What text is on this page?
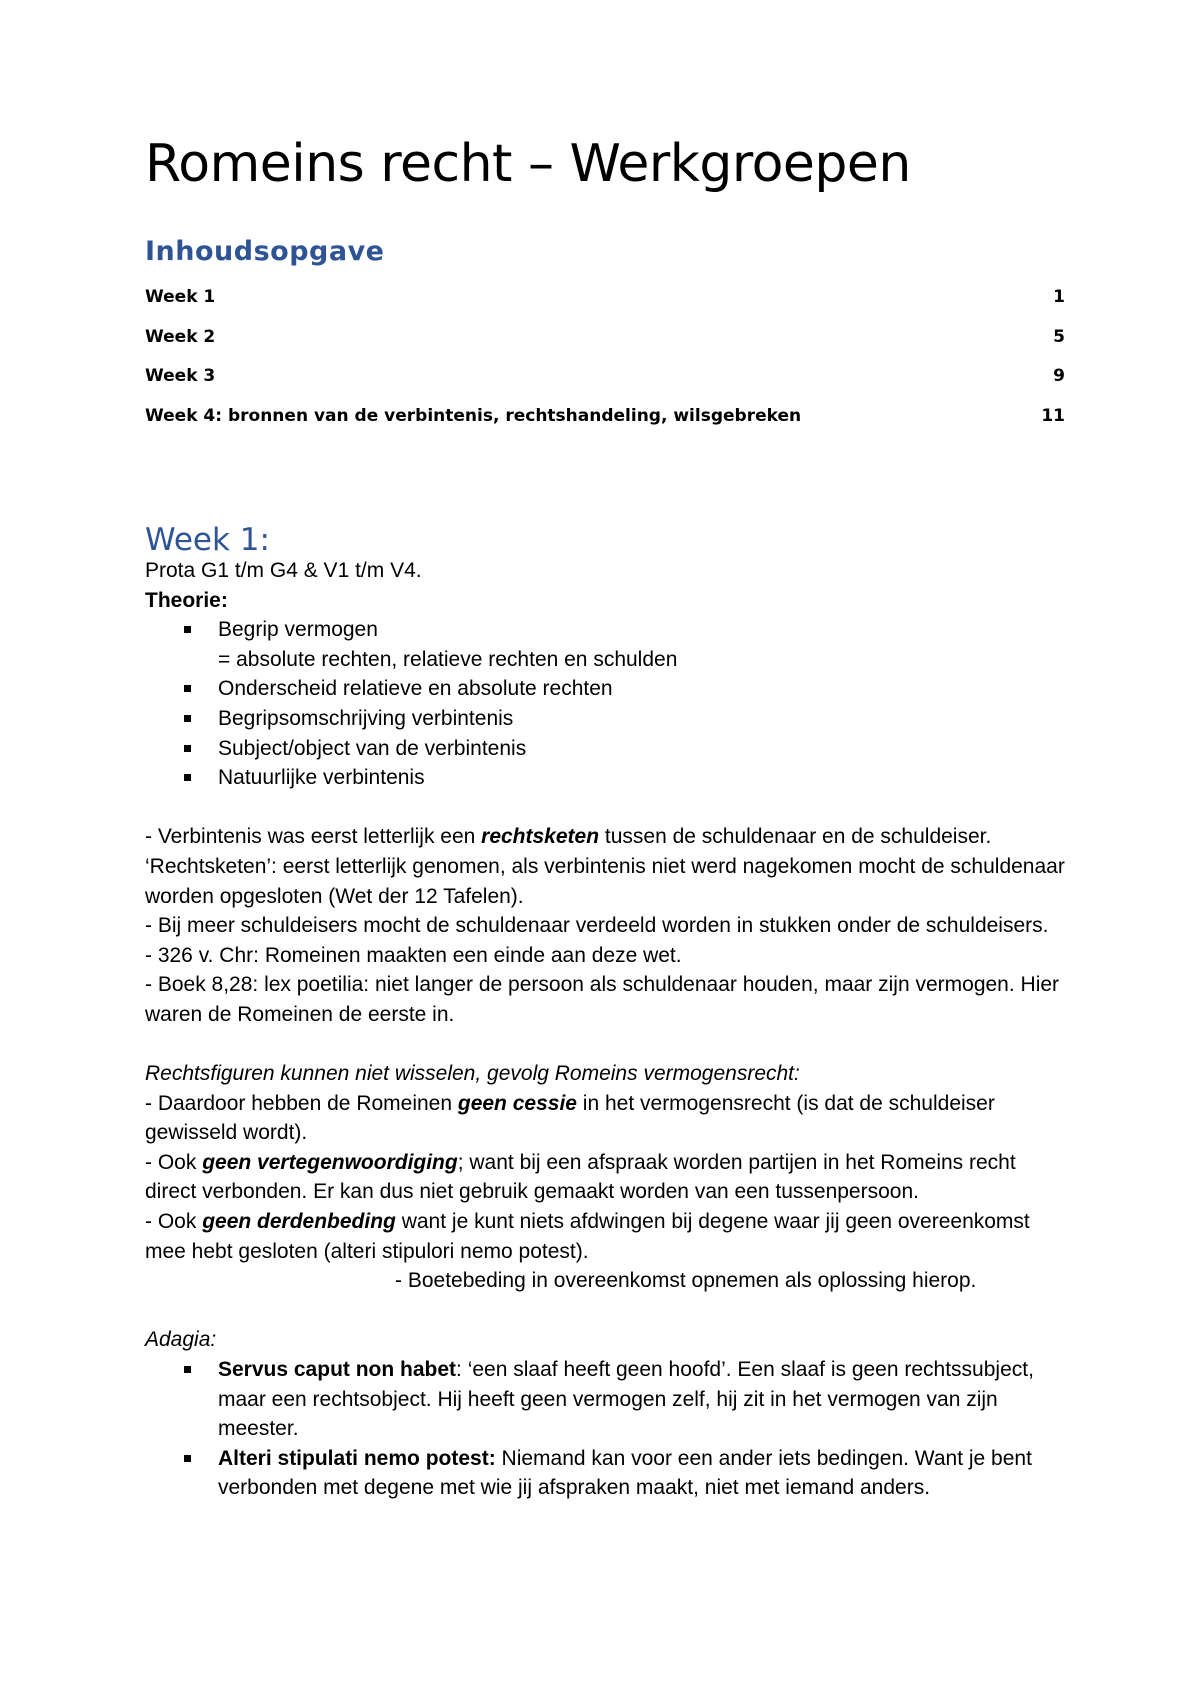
Romeins recht – Werkgroepen
Inhoudsopgave
Week 1	1
Week 2	5
Week 3	9
Week 4: bronnen van de verbintenis, rechtshandeling, wilsgebreken	11
Week 1:

Prota G1 t/m G4 & V1 t/m V4.

Theorie:

Begrip vermogen
= absolute rechten, relatieve rechten en schulden
Onderscheid relatieve en absolute rechten
Begripsomschrijving verbintenis
Subject/object van de verbintenis
Natuurlijke verbintenis

- Verbintenis was eerst letterlijk een rechtsketen tussen de schuldenaar en de schuldeiser.

‘Rechtsketen’: eerst letterlijk genomen, als verbintenis niet werd nagekomen mocht de schuldenaar worden opgesloten (Wet der 12 Tafelen).

- Bij meer schuldeisers mocht de schuldenaar verdeeld worden in stukken onder de schuldeisers.

- 326 v. Chr: Romeinen maakten een einde aan deze wet.

- Boek 8,28: lex poetilia: niet langer de persoon als schuldenaar houden, maar zijn vermogen. Hier waren de Romeinen de eerste in.

Rechtsfiguren kunnen niet wisselen, gevolg Romeins vermogensrecht:

- Daardoor hebben de Romeinen geen cessie in het vermogensrecht (is dat de schuldeiser gewisseld wordt).

- Ook geen vertegenwoordiging; want bij een afspraak worden partijen in het Romeins recht direct verbonden. Er kan dus niet gebruik gemaakt worden van een tussenpersoon.

- Ook geen derdenbeding want je kunt niets afdwingen bij degene waar jij geen overeenkomst mee hebt gesloten (alteri stipulori nemo potest).

- Boetebeding in overeenkomst opnemen als oplossing hierop.

Adagia:

Servus caput non habet: ‘een slaaf heeft geen hoofd’. Een slaaf is geen rechtssubject, maar een rechtsobject. Hij heeft geen vermogen zelf, hij zit in het vermogen van zijn meester.
Alteri stipulati nemo potest: Niemand kan voor een ander iets bedingen. Want je bent verbonden met degene met wie jij afspraken maakt, niet met iemand anders.
